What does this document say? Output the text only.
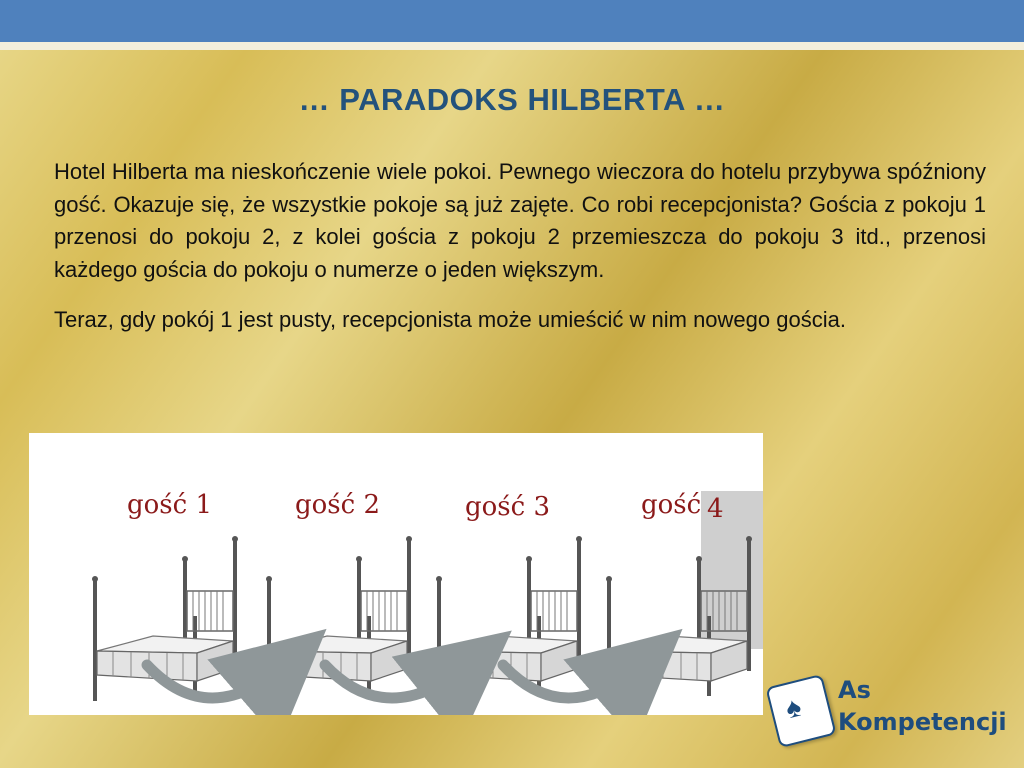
… PARADOKS HILBERTA …

Hotel Hilberta ma nieskończenie wiele pokoi. Pewnego wieczora do hotelu przybywa spóźniony gość. Okazuje się, że wszystkie pokoje są już zajęte. Co robi recepcjonista? Gościa z pokoju 1 przenosi do pokoju 2, z kolei gościa z pokoju 2 przemieszcza do pokoju 3 itd., przenosi każdego gościa do pokoju o numerze o jeden większym.

Teraz, gdy pokój 1 jest pusty, recepcjonista może umieścić w nim nowego gościa.

gość 1	gość 2	gość 3	gość 4
♠
As
Kompetencji
